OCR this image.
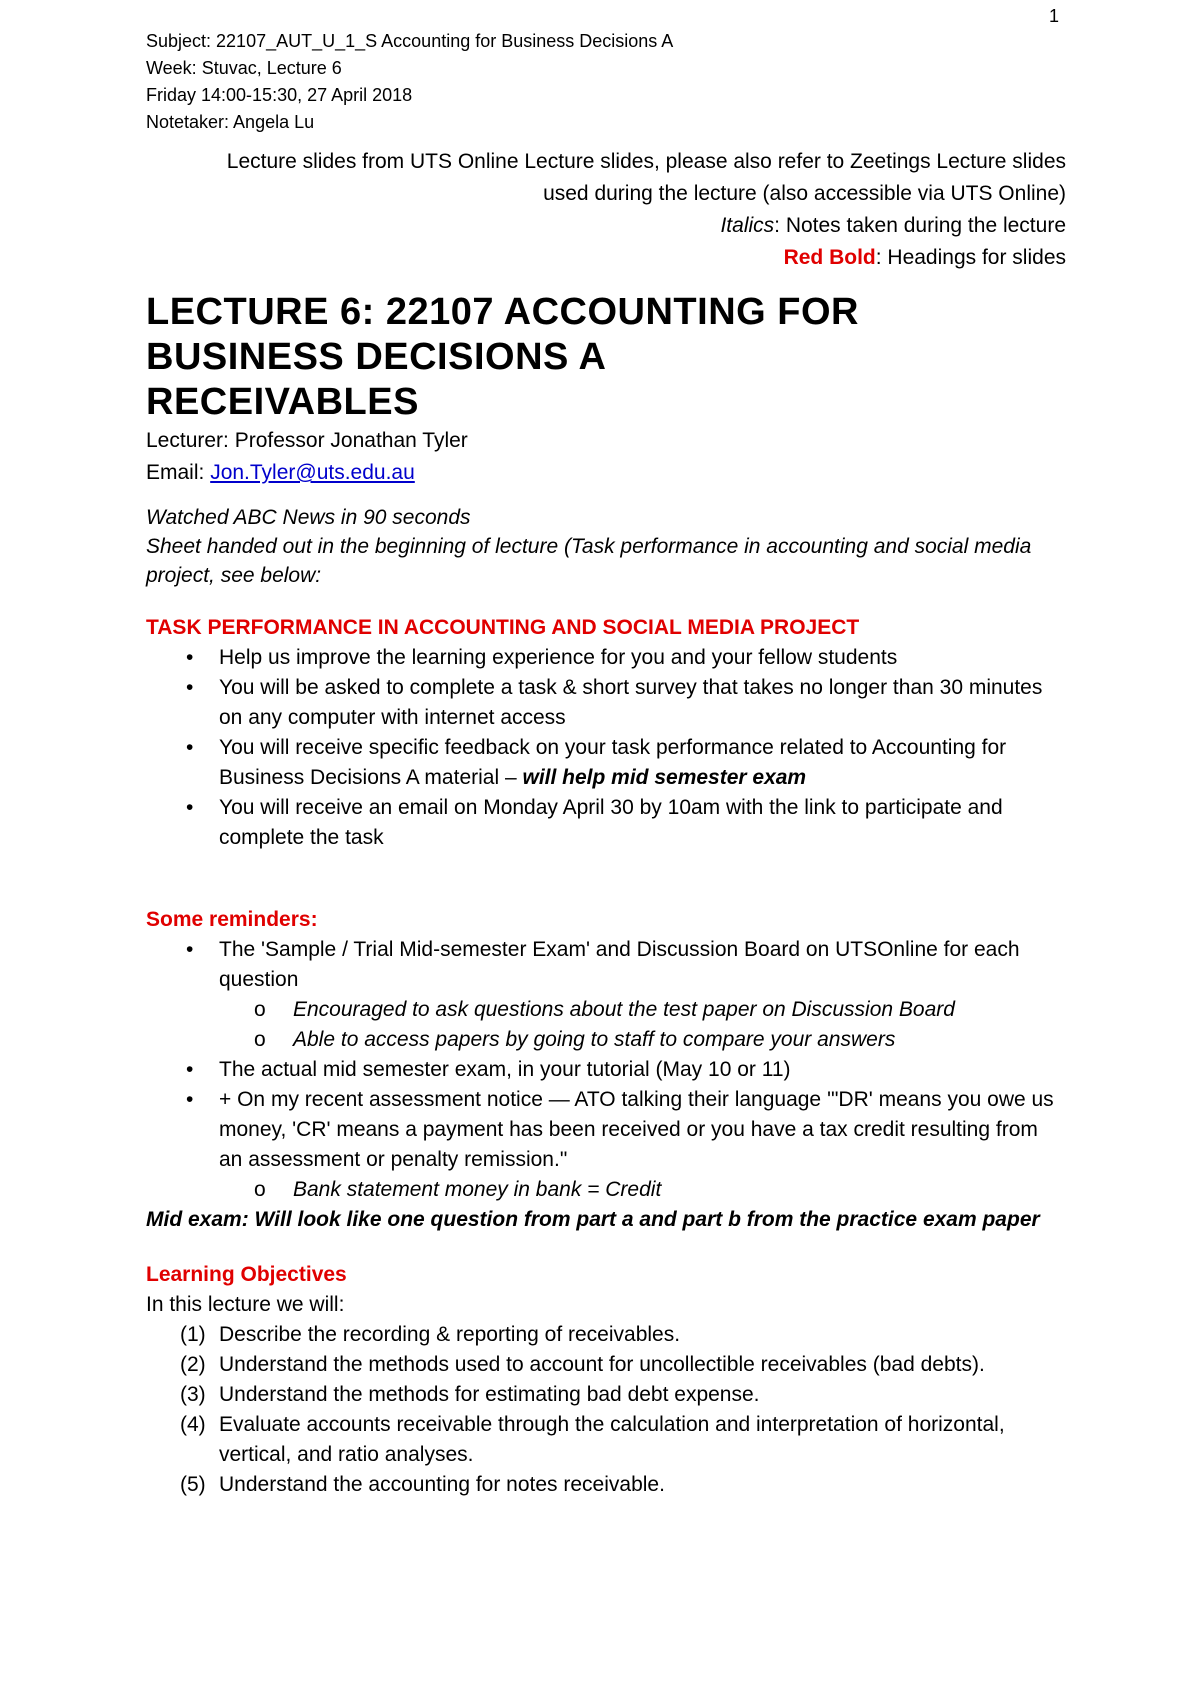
1
Subject: 22107_AUT_U_1_S Accounting for Business Decisions A
Week: Stuvac, Lecture 6
Friday 14:00-15:30, 27 April 2018
Notetaker: Angela Lu
Lecture slides from UTS Online Lecture slides, please also refer to Zeetings Lecture slides
used during the lecture (also accessible via UTS Online)
Italics: Notes taken during the lecture
Red Bold: Headings for slides
LECTURE 6: 22107 ACCOUNTING FOR
BUSINESS DECISIONS A
RECEIVABLES
Lecturer: Professor Jonathan Tyler
Email: Jon.Tyler@uts.edu.au
Watched ABC News in 90 seconds
Sheet handed out in the beginning of lecture (Task performance in accounting and social media project, see below:
TASK PERFORMANCE IN ACCOUNTING AND SOCIAL MEDIA PROJECT
• Help us improve the learning experience for you and your fellow students
• You will be asked to complete a task & short survey that takes no longer than 30 minutes on any computer with internet access
• You will receive specific feedback on your task performance related to Accounting for Business Decisions A material – will help mid semester exam
• You will receive an email on Monday April 30 by 10am with the link to participate and complete the task
Some reminders:
• The 'Sample / Trial Mid-semester Exam' and Discussion Board on UTSOnline for each question
o Encouraged to ask questions about the test paper on Discussion Board
o Able to access papers by going to staff to compare your answers
• The actual mid semester exam, in your tutorial (May 10 or 11)
• + On my recent assessment notice — ATO talking their language '"DR' means you owe us money, 'CR' means a payment has been received or you have a tax credit resulting from an assessment or penalty remission."
o Bank statement money in bank = Credit
Mid exam: Will look like one question from part a and part b from the practice exam paper
Learning Objectives
In this lecture we will:
(1) Describe the recording & reporting of receivables.
(2) Understand the methods used to account for uncollectible receivables (bad debts).
(3) Understand the methods for estimating bad debt expense.
(4) Evaluate accounts receivable through the calculation and interpretation of horizontal, vertical, and ratio analyses.
(5) Understand the accounting for notes receivable.
